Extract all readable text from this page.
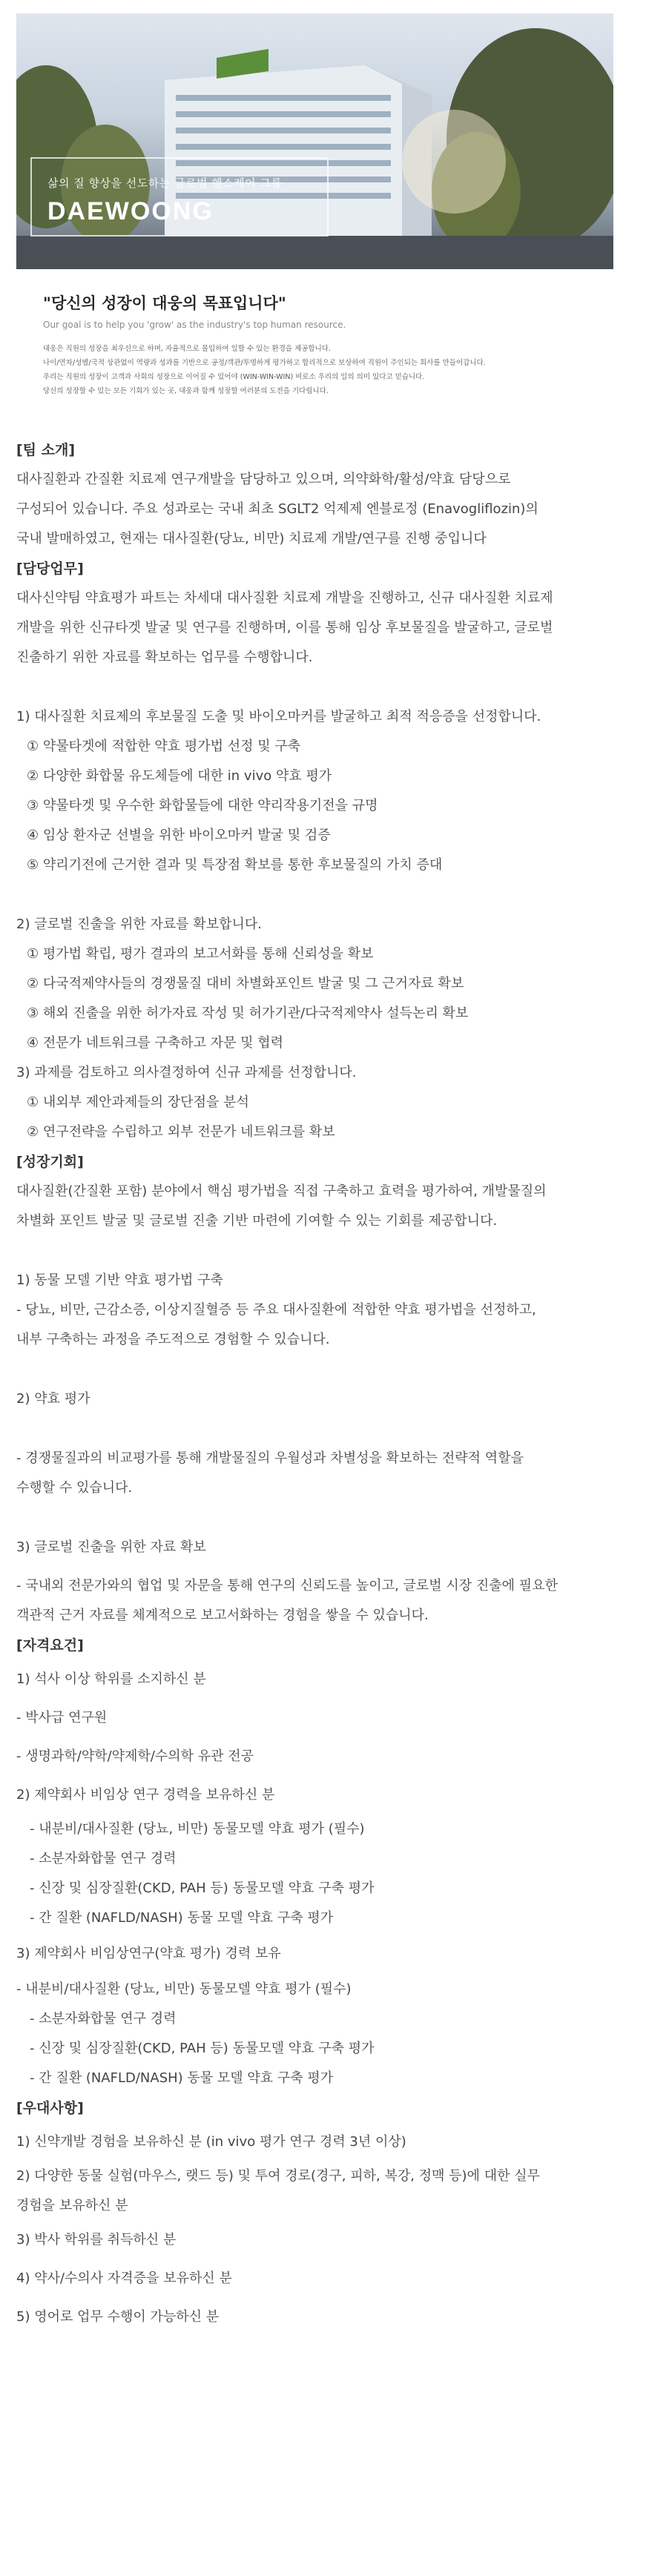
삶의 질 향상을 선도하는 글로벌 헬스케어 그룹
DAEWOONG
"당신의 성장이 대웅의 목표입니다"
Our goal is to help you 'grow' as the industry's top human resource.
대웅은 직원의 성장을 최우선으로 하며, 자율적으로 몰입하여 일할 수 있는 환경을 제공합니다.
나이/연차/성별/국적 상관없이 역량과 성과를 기반으로 공정/객관/투명하게 평가하고 합리적으로 보상하여 직원이 주인되는 회사를 만들어갑니다.
우리는 직원의 성장이 고객과 사회의 성장으로 이어질 수 있어야 (WIN-WIN-WIN) 비로소 우리의 일의 의미 있다고 믿습니다.
당신의 성장할 수 있는 모든 기회가 있는 곳, 대웅과 함께 성장할 여러분의 도전을 기다립니다.

[팀 소개]

대사질환과 간질환 치료제 연구개발을 담당하고 있으며, 의약화학/활성/약효 담당으로

구성되어 있습니다. 주요 성과로는 국내 최초 SGLT2 억제제 엔블로정 (Enavogliflozin)의

국내 발매하였고, 현재는 대사질환(당뇨, 비만) 치료제 개발/연구를 진행 중입니다

[담당업무]

대사신약팀 약효평가 파트는 차세대 대사질환 치료제 개발을 진행하고, 신규 대사질환 치료제

개발을 위한 신규타겟 발굴 및 연구를 진행하며, 이를 통해 임상 후보물질을 발굴하고, 글로벌

진출하기 위한 자료를 확보하는 업무를 수행합니다.

1) 대사질환 치료제의 후보물질 도출 및 바이오마커를 발굴하고 최적 적응증을 선정합니다.

① 약물타겟에 적합한 약효 평가법 선정 및 구축

② 다양한 화합물 유도체들에 대한 in vivo 약효 평가

③ 약물타겟 및 우수한 화합물들에 대한 약리작용기전을 규명

④ 임상 환자군 선별을 위한 바이오마커 발굴 및 검증

⑤ 약리기전에 근거한 결과 및 특장점 확보를 통한 후보물질의 가치 증대

2) 글로벌 진출을 위한 자료를 확보합니다.

① 평가법 확립, 평가 결과의 보고서화를 통해 신뢰성을 확보

② 다국적제약사들의 경쟁물질 대비 차별화포인트 발굴 및 그 근거자료 확보

③ 해외 진출을 위한 허가자료 작성 및 허가기관/다국적제약사 설득논리 확보

④ 전문가 네트워크를 구축하고 자문 및 협력

3) 과제를 검토하고 의사결정하여 신규 과제를 선정합니다.

① 내외부 제안과제들의 장단점을 분석

② 연구전략을 수립하고 외부 전문가 네트워크를 확보

[성장기회]

대사질환(간질환 포함) 분야에서 핵심 평가법을 직접 구축하고 효력을 평가하여, 개발물질의

차별화 포인트 발굴 및 글로벌 진출 기반 마련에 기여할 수 있는 기회를 제공합니다.

1) 동물 모델 기반 약효 평가법 구축

- 당뇨, 비만, 근감소증, 이상지질혈증 등 주요 대사질환에 적합한 약효 평가법을 선정하고,

내부 구축하는 과정을 주도적으로 경험할 수 있습니다.

2) 약효 평가

- 경쟁물질과의 비교평가를 통해 개발물질의 우월성과 차별성을 확보하는 전략적 역할을

수행할 수 있습니다.

3) 글로벌 진출을 위한 자료 확보

- 국내외 전문가와의 협업 및 자문을 통해 연구의 신뢰도를 높이고, 글로벌 시장 진출에 필요한

객관적 근거 자료를 체계적으로 보고서화하는 경험을 쌓을 수 있습니다.

[자격요건]

1) 석사 이상 학위를 소지하신 분

- 박사급 연구원

- 생명과학/약학/약제학/수의학 유관 전공

2) 제약회사 비임상 연구 경력을 보유하신 분

- 내분비/대사질환 (당뇨, 비만) 동물모델 약효 평가 (필수)

- 소분자화합물 연구 경력

- 신장 및 심장질환(CKD, PAH 등) 동물모델 약효 구축 평가

- 간 질환 (NAFLD/NASH) 동물 모델 약효 구축 평가

3) 제약회사 비임상연구(약효 평가) 경력 보유

- 내분비/대사질환 (당뇨, 비만) 동물모델 약효 평가 (필수)

- 소분자화합물 연구 경력

- 신장 및 심장질환(CKD, PAH 등) 동물모델 약효 구축 평가

- 간 질환 (NAFLD/NASH) 동물 모델 약효 구축 평가

[우대사항]

1) 신약개발 경험을 보유하신 분 (in vivo 평가 연구 경력 3년 이상)

2) 다양한 동물 실험(마우스, 랫드 등) 및 투여 경로(경구, 피하, 복강, 정맥 등)에 대한 실무

경험을 보유하신 분

3) 박사 학위를 취득하신 분

4) 약사/수의사 자격증을 보유하신 분

5) 영어로 업무 수행이 가능하신 분
